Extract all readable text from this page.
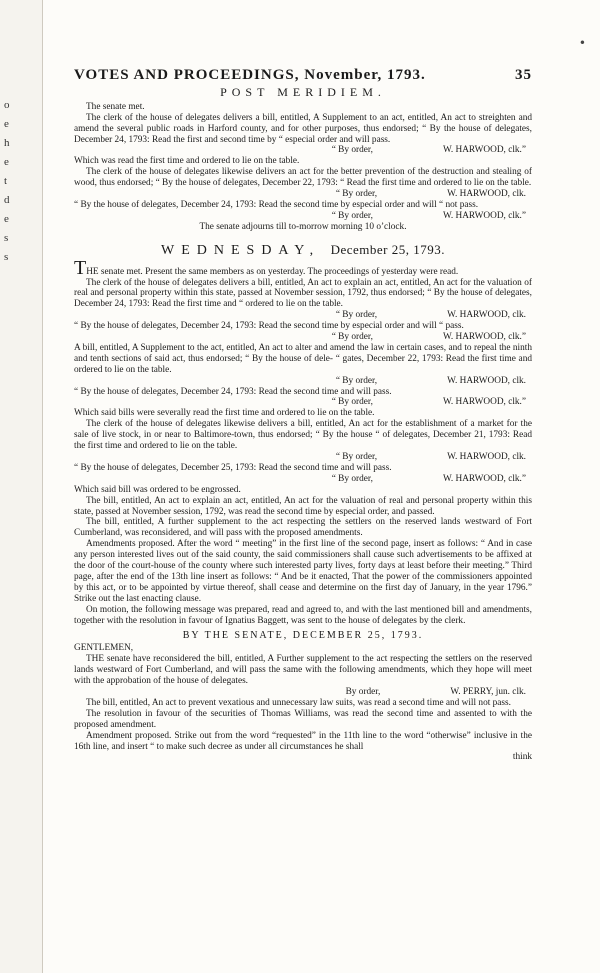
o
e
h
e
t
d
e
s
s
•
VOTES AND PROCEEDINGS, November, 1793.	35
POST MERIDIEM.

The senate met.

The clerk of the house of delegates delivers a bill, entitled, A Supplement to an act, entitled, An act to streighten and amend the several public roads in Harford county, and for other purposes, thus endorsed; “ By the house of delegates, December 24, 1793: Read the first and second time by “ especial order and will pass.

“ By order,	W. HARWOOD, clk.”

Which was read the first time and ordered to lie on the table.

The clerk of the house of delegates likewise delivers an act for the better prevention of the destruction and stealing of wood, thus endorsed; “ By the house of delegates, December 22, 1793: “ Read the first time and ordered to lie on the table.

“ By order,	W. HARWOOD, clk.

“ By the house of delegates, December 24, 1793: Read the second time by especial order and will “ not pass.

“ By order,	W. HARWOOD, clk.”

The senate adjourns till to-morrow morning 10 o’clock.

WEDNESDAY, December 25, 1793.

THE senate met. Present the same members as on yesterday. The proceedings of yesterday were read.

The clerk of the house of delegates delivers a bill, entitled, An act to explain an act, entitled, An act for the valuation of real and personal property within this state, passed at November session, 1792, thus endorsed; “ By the house of delegates, December 24, 1793: Read the first time and “ ordered to lie on the table.

“ By order,	W. HARWOOD, clk.

“ By the house of delegates, December 24, 1793: Read the second time by especial order and will “ pass.

“ By order,	W. HARWOOD, clk.”

A bill, entitled, A Supplement to the act, entitled, An act to alter and amend the law in certain cases, and to repeal the ninth and tenth sections of said act, thus endorsed; “ By the house of dele- “ gates, December 22, 1793: Read the first time and ordered to lie on the table.

“ By order,	W. HARWOOD, clk.

“ By the house of delegates, December 24, 1793: Read the second time and will pass.

“ By order,	W. HARWOOD, clk.”

Which said bills were severally read the first time and ordered to lie on the table.

The clerk of the house of delegates likewise delivers a bill, entitled, An act for the establishment of a market for the sale of live stock, in or near to Baltimore-town, thus endorsed; “ By the house “ of delegates, December 21, 1793: Read the first time and ordered to lie on the table.

“ By order,	W. HARWOOD, clk.

“ By the house of delegates, December 25, 1793: Read the second time and will pass.

“ By order,	W. HARWOOD, clk.”

Which said bill was ordered to be engrossed.

The bill, entitled, An act to explain an act, entitled, An act for the valuation of real and personal property within this state, passed at November session, 1792, was read the second time by especial order, and passed.

The bill, entitled, A further supplement to the act respecting the settlers on the reserved lands westward of Fort Cumberland, was reconsidered, and will pass with the proposed amendments.

Amendments proposed. After the word “ meeting” in the first line of the second page, insert as follows: “ And in case any person interested lives out of the said county, the said commissioners shall cause such advertisements to be affixed at the door of the court-house of the county where such interested party lives, forty days at least before their meeting.” Third page, after the end of the 13th line insert as follows: “ And be it enacted, That the power of the commissioners appointed by this act, or to be appointed by virtue thereof, shall cease and determine on the first day of January, in the year 1796.” Strike out the last enacting clause.

On motion, the following message was prepared, read and agreed to, and with the last mentioned bill and amendments, together with the resolution in favour of Ignatius Baggett, was sent to the house of delegates by the clerk.

BY THE SENATE, DECEMBER 25, 1793.

GENTLEMEN,

THE senate have reconsidered the bill, entitled, A Further supplement to the act respecting the settlers on the reserved lands westward of Fort Cumberland, and will pass the same with the following amendments, which they hope will meet with the approbation of the house of delegates.

By order,	W. PERRY, jun. clk.

The bill, entitled, An act to prevent vexatious and unnecessary law suits, was read a second time and will not pass.

The resolution in favour of the securities of Thomas Williams, was read the second time and assented to with the proposed amendment.

Amendment proposed. Strike out from the word “requested” in the 11th line to the word “otherwise” inclusive in the 16th line, and insert “ to make such decree as under all circumstances he shall

think
